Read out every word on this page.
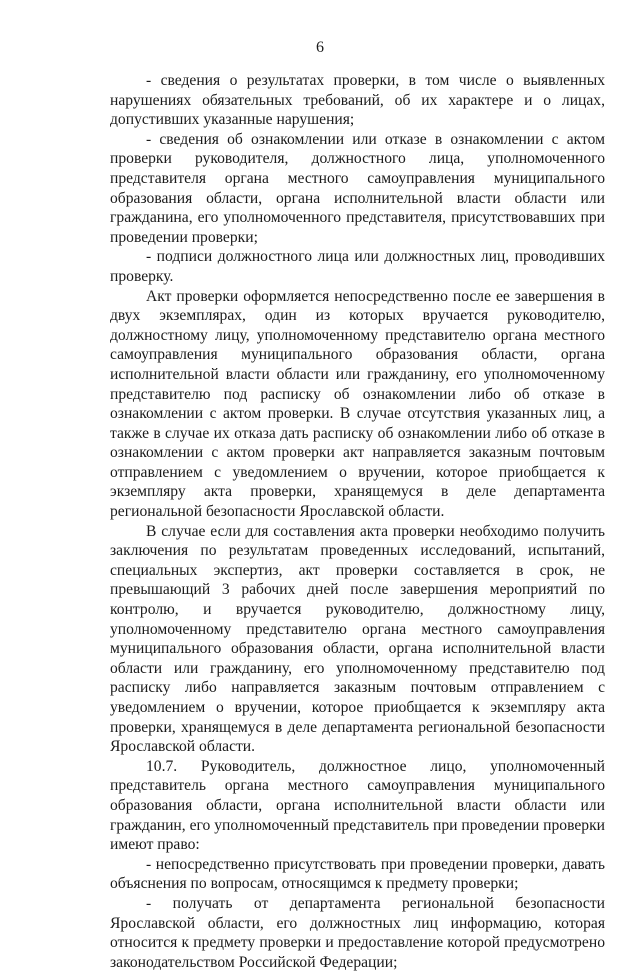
6

- сведения о результатах проверки, в том числе о выявленных нарушениях обязательных требований, об их характере и о лицах, допустивших указанные нарушения;

- сведения об ознакомлении или отказе в ознакомлении с актом проверки руководителя, должностного лица, уполномоченного представителя органа местного самоуправления муниципального образования области, органа исполнительной власти области или гражданина, его уполномоченного представителя, присутствовавших при проведении проверки;

- подписи должностного лица или должностных лиц, проводивших проверку.

Акт проверки оформляется непосредственно после ее завершения в двух экземплярах, один из которых вручается руководителю, должностному лицу, уполномоченному представителю органа местного самоуправления муниципального образования области, органа исполнительной власти области или гражданину, его уполномоченному представителю под расписку об ознакомлении либо об отказе в ознакомлении с актом проверки. В случае отсутствия указанных лиц, а также в случае их отказа дать расписку об ознакомлении либо об отказе в ознакомлении с актом проверки акт направляется заказным почтовым отправлением с уведомлением о вручении, которое приобщается к экземпляру акта проверки, хранящемуся в деле департамента региональной безопасности Ярославской области.

В случае если для составления акта проверки необходимо получить заключения по результатам проведенных исследований, испытаний, специальных экспертиз, акт проверки составляется в срок, не превышающий 3 рабочих дней после завершения мероприятий по контролю, и вручается руководителю, должностному лицу, уполномоченному представителю органа местного самоуправления муниципального образования области, органа исполнительной власти области или гражданину, его уполномоченному представителю под расписку либо направляется заказным почтовым отправлением с уведомлением о вручении, которое приобщается к экземпляру акта проверки, хранящемуся в деле департамента региональной безопасности Ярославской области.

10.7. Руководитель, должностное лицо, уполномоченный представитель органа местного самоуправления муниципального образования области, органа исполнительной власти области или гражданин, его уполномоченный представитель при проведении проверки имеют право:

- непосредственно присутствовать при проведении проверки, давать объяснения по вопросам, относящимся к предмету проверки;

- получать от департамента региональной безопасности Ярославской области, его должностных лиц информацию, которая относится к предмету проверки и предоставление которой предусмотрено законодательством Российской Федерации;
